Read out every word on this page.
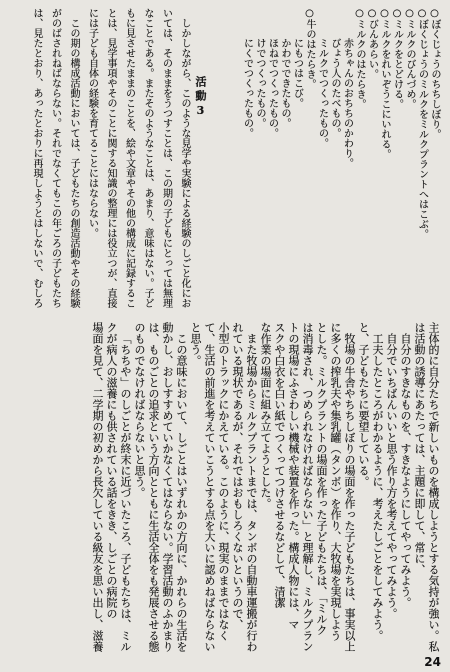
○ぼくじょうのちちしぼり。
○ぼくじょうのミルクをミルクプラントへはこぶ。
○ミルクのびんづめ。
○ミルクをとどける。
○ミルクをれいぞうこにいれる。
○びんあらい。
○ミルクのはたらき。
赤ちゃんのおちちのかわり。
びょう人のたべもの。
ミルクでつくったもの。
○牛のはたらき。
にもつはこび。
かわでできたもの。
ほねでつくったもの。
けでつくったもの。
にくでつくったもの。
活動3
しかしながら、このような見学や実験による経験のしごと化にお
いては、そのままをうつすことは、この期の子どもにとっては無理
なことである。またそのようなことは、あまり、意味はない。子ど
もに見させたままのことを、絵や文章やその他の構成に記録するこ
とは、見学事項やそのことに関する知識の整理には役立つが、直接
には子ども自体の経験を育てることにはならない。
この期の構成活動においては、子どもたちの創造活動やその経験
がのばされねばならない。それでなくてもこの年ごろの子どもたち
は、見たとおり、あったとおりに再現しようとはしないで、むしろ
主体的に自分たちで新しいものを構成しようとする気持が強い。私
は活動の誘導にあたっては、主題に即して、常に、
自分のすきなものを、すきなようにしてやってみよう。
自分でいちばんいいと思う作り方を考えてやってみよう。
工夫したところがわかるように、考えたしごとをしてみよう。
と、子どもたちに要望している。
牧場の牛舎やちちしぼりの場面を作った子どもたちは、事実以上
に多くの搾乳夫や集乳罐（タンボ）を作り、大牧場を実現しよう
とした。ミルクプラントの場面を作った子どもたちは、「ミルク
は消毒され、つめられなければならない」と理解し、ミルクプラン
トの現場にふさわしい機械や装置を作った。構成人物には、マ
スクや白衣を白い紙でつくってつけさせるなどして、清潔
な作業の場面に組み立てようとした。
また牧場からミルクプラントまでは、タンボの自動車運搬が行わ
れている現状であるが、それではおもしろくないというので、
小型のトラックにかえている。このように、現実のままではなく
て、生活の前進を考えていこうとする点を大いに認めねばならない
と思う。
この意味において、しごとはいずれかの方向に、かれらの生活を
動かし、おしすすめていかなくてはならない。学習活動のふかまり
は、ものごとの追求という方向とともに生活全体をも発展させる態
のものでなければならないと思う。
「ちちや」のしごとが終末に近づいたころ、子どもたちは、ミル
クが病人の滋養にも供されている話をきき、しごとの病院の
場面を見て、二学期の初めから長欠している級友を思い出し、滋養
24
